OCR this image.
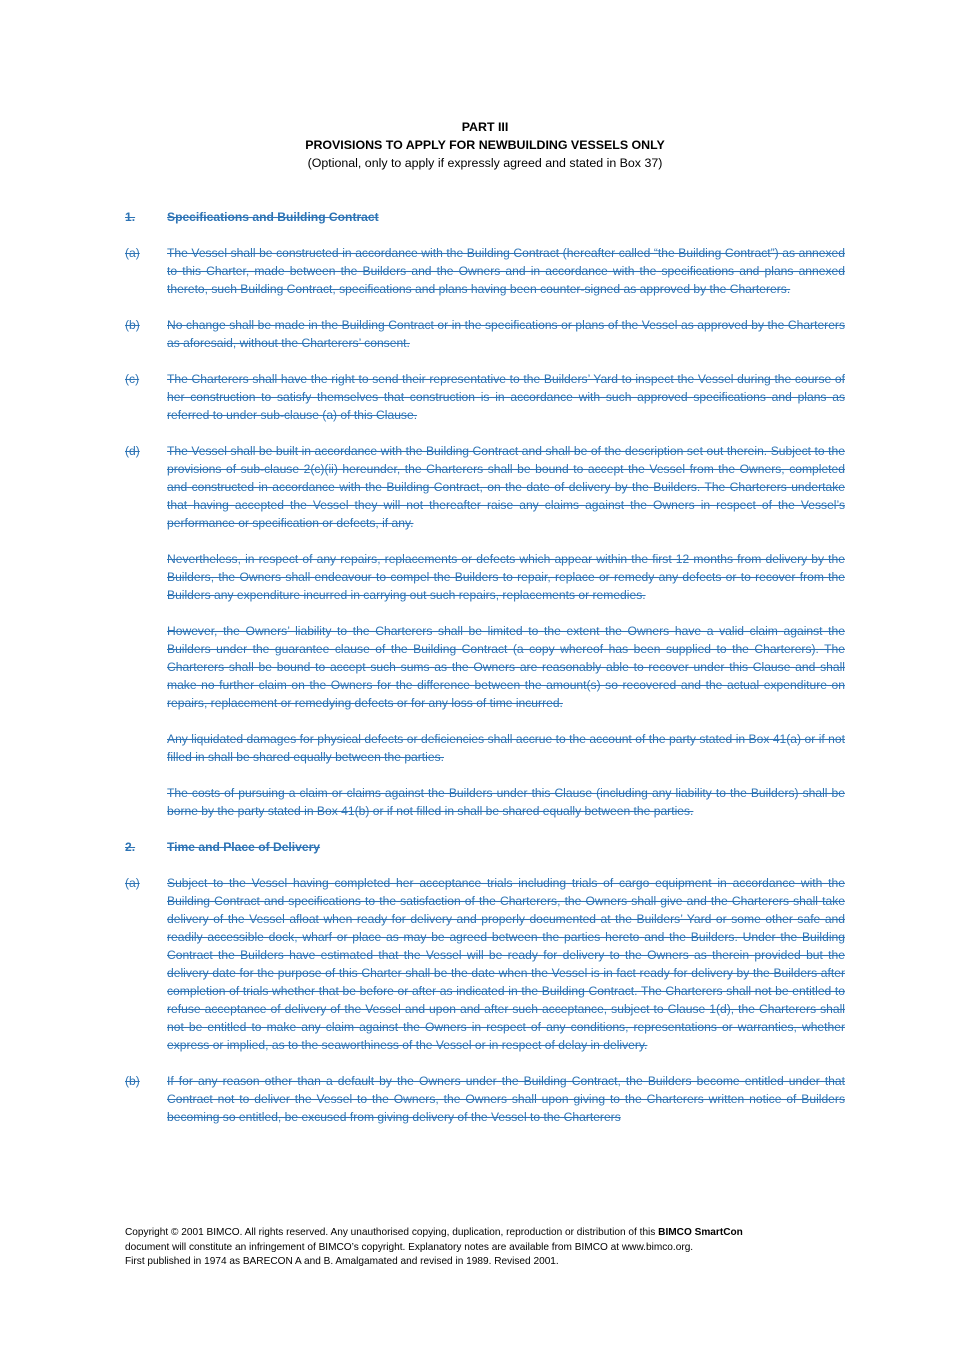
PART III
PROVISIONS TO APPLY FOR NEWBUILDING VESSELS ONLY
(Optional, only to apply if expressly agreed and stated in Box 37)
1.	Specifications and Building Contract
(a)	The Vessel shall be constructed in accordance with the Building Contract (hereafter called “the Building Contract”) as annexed to this Charter, made between the Builders and the Owners and in accordance with the specifications and plans annexed thereto, such Building Contract, specifications and plans having been counter-signed as approved by the Charterers.
(b)	No change shall be made in the Building Contract or in the specifications or plans of the Vessel as approved by the Charterers as aforesaid, without the Charterers’ consent.
(c)	The Charterers shall have the right to send their representative to the Builders’ Yard to inspect the Vessel during the course of her construction to satisfy themselves that construction is in accordance with such approved specifications and plans as referred to under sub-clause (a) of this Clause.
(d)	The Vessel shall be built in accordance with the Building Contract and shall be of the description set out therein. Subject to the provisions of sub-clause 2(c)(ii) hereunder, the Charterers shall be bound to accept the Vessel from the Owners, completed and constructed in accordance with the Building Contract, on the date of delivery by the Builders. The Charterers undertake that having accepted the Vessel they will not thereafter raise any claims against the Owners in respect of the Vessel’s performance or specification or defects, if any.
Nevertheless, in respect of any repairs, replacements or defects which appear within the first 12 months from delivery by the Builders, the Owners shall endeavour to compel the Builders to repair, replace or remedy any defects or to recover from the Builders any expenditure incurred in carrying out such repairs, replacements or remedies.
However, the Owners’ liability to the Charterers shall be limited to the extent the Owners have a valid claim against the Builders under the guarantee clause of the Building Contract (a copy whereof has been supplied to the Charterers). The Charterers shall be bound to accept such sums as the Owners are reasonably able to recover under this Clause and shall make no further claim on the Owners for the difference between the amount(s) so recovered and the actual expenditure on repairs, replacement or remedying defects or for any loss of time incurred.
Any liquidated damages for physical defects or deficiencies shall accrue to the account of the party stated in Box 41(a) or if not filled in shall be shared equally between the parties.
The costs of pursuing a claim or claims against the Builders under this Clause (including any liability to the Builders) shall be borne by the party stated in Box 41(b) or if not filled in shall be shared equally between the parties.
2.	Time and Place of Delivery
(a)	Subject to the Vessel having completed her acceptance trials including trials of cargo equipment in accordance with the Building Contract and specifications to the satisfaction of the Charterers, the Owners shall give and the Charterers shall take delivery of the Vessel afloat when ready for delivery and properly documented at the Builders’ Yard or some other safe and readily accessible dock, wharf or place as may be agreed between the parties hereto and the Builders. Under the Building Contract the Builders have estimated that the Vessel will be ready for delivery to the Owners as therein provided but the delivery date for the purpose of this Charter shall be the date when the Vessel is in fact ready for delivery by the Builders after completion of trials whether that be before or after as indicated in the Building Contract. The Charterers shall not be entitled to refuse acceptance of delivery of the Vessel and upon and after such acceptance, subject to Clause 1(d), the Charterers shall not be entitled to make any claim against the Owners in respect of any conditions, representations or warranties, whether express or implied, as to the seaworthiness of the Vessel or in respect of delay in delivery.
(b)	If for any reason other than a default by the Owners under the Building Contract, the Builders become entitled under that Contract not to deliver the Vessel to the Owners, the Owners shall upon giving to the Charterers written notice of Builders becoming so entitled, be excused from giving delivery of the Vessel to the Charterers
Copyright © 2001 BIMCO. All rights reserved. Any unauthorised copying, duplication, reproduction or distribution of this BIMCO SmartCon
document will constitute an infringement of BIMCO’s copyright. Explanatory notes are available from BIMCO at www.bimco.org.
First published in 1974 as BARECON A and B. Amalgamated and revised in 1989. Revised 2001.
